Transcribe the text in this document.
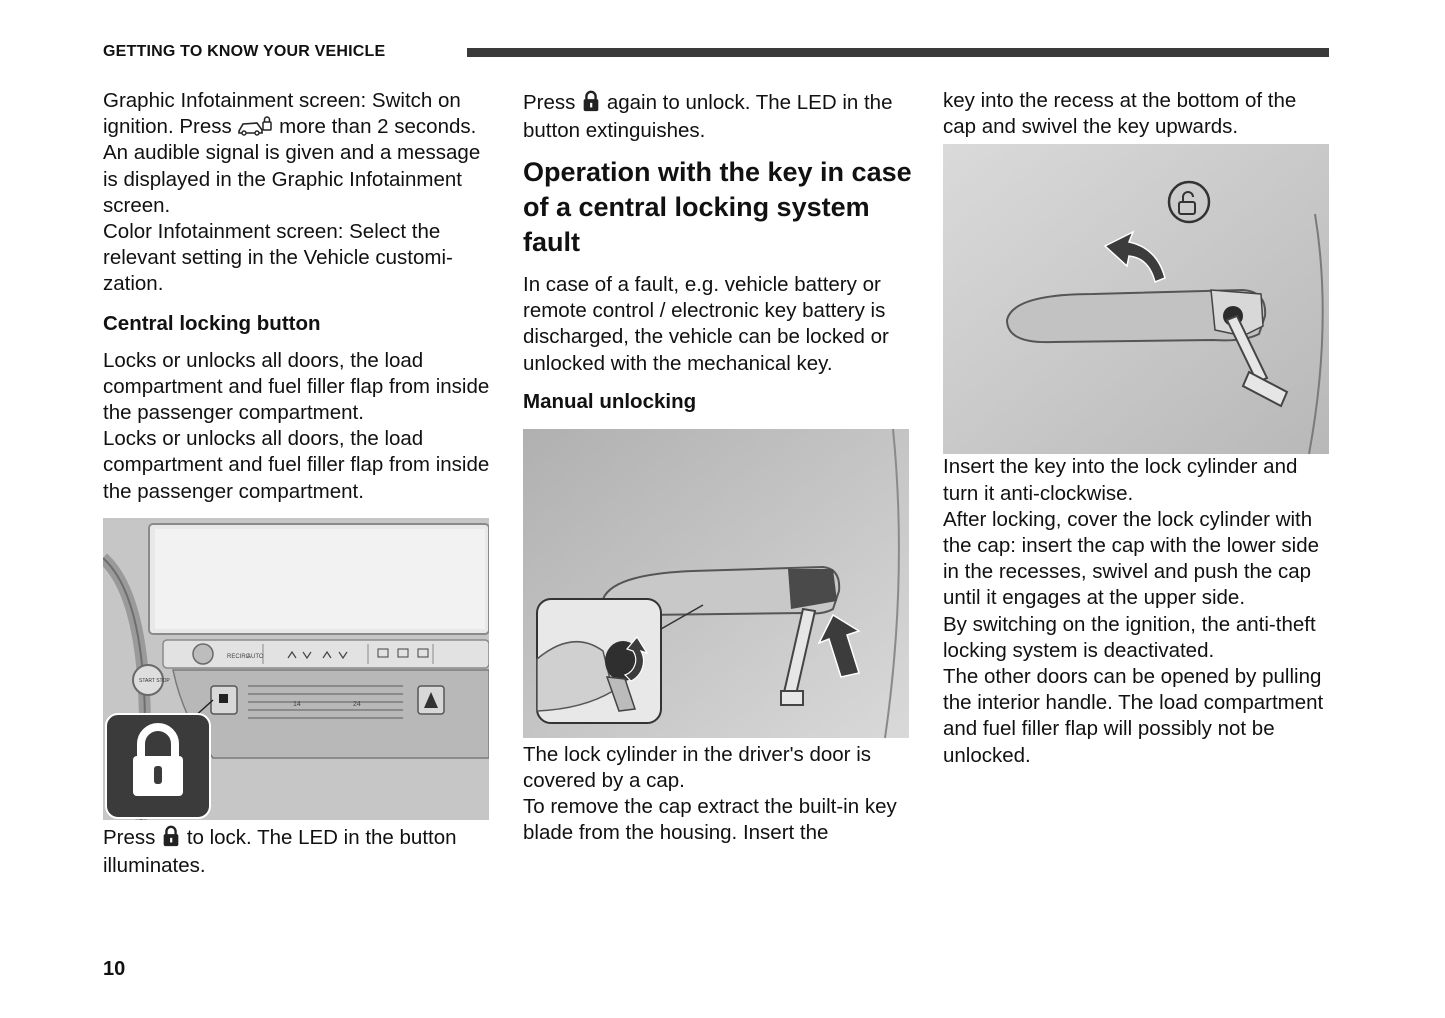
GETTING TO KNOW YOUR VEHICLE

Graphic Infotainment screen: Switch on ignition. Press more than 2 seconds. An audible signal is given and a message is displayed in the Graphic Infotainment screen.

Color Infotainment screen: Select the relevant setting in the Vehicle customization.

Central locking button

Locks or unlocks all doors, the load compartment and fuel filler flap from inside the passenger compartment.

Locks or unlocks all doors, the load compartment and fuel filler flap from inside the passenger compartment.

RECIRC
AUTO
START STOP
14	24

Press to lock. The LED in the button illuminates.

Press again to unlock. The LED in the button extinguishes.

Operation with the key in case of a central locking system fault

In case of a fault, e.g. vehicle battery or remote control / electronic key battery is discharged, the vehicle can be locked or unlocked with the mechanical key.

Manual unlocking

The lock cylinder in the driver's door is covered by a cap.

To remove the cap extract the built-in key blade from the housing. Insert the

key into the recess at the bottom of the cap and swivel the key upwards.

Insert the key into the lock cylinder and turn it anti-clockwise.

After locking, cover the lock cylinder with the cap: insert the cap with the lower side in the recesses, swivel and push the cap until it engages at the upper side.

By switching on the ignition, the anti-theft locking system is deactivated.

The other doors can be opened by pulling the interior handle. The load compartment and fuel filler flap will possibly not be unlocked.

10
